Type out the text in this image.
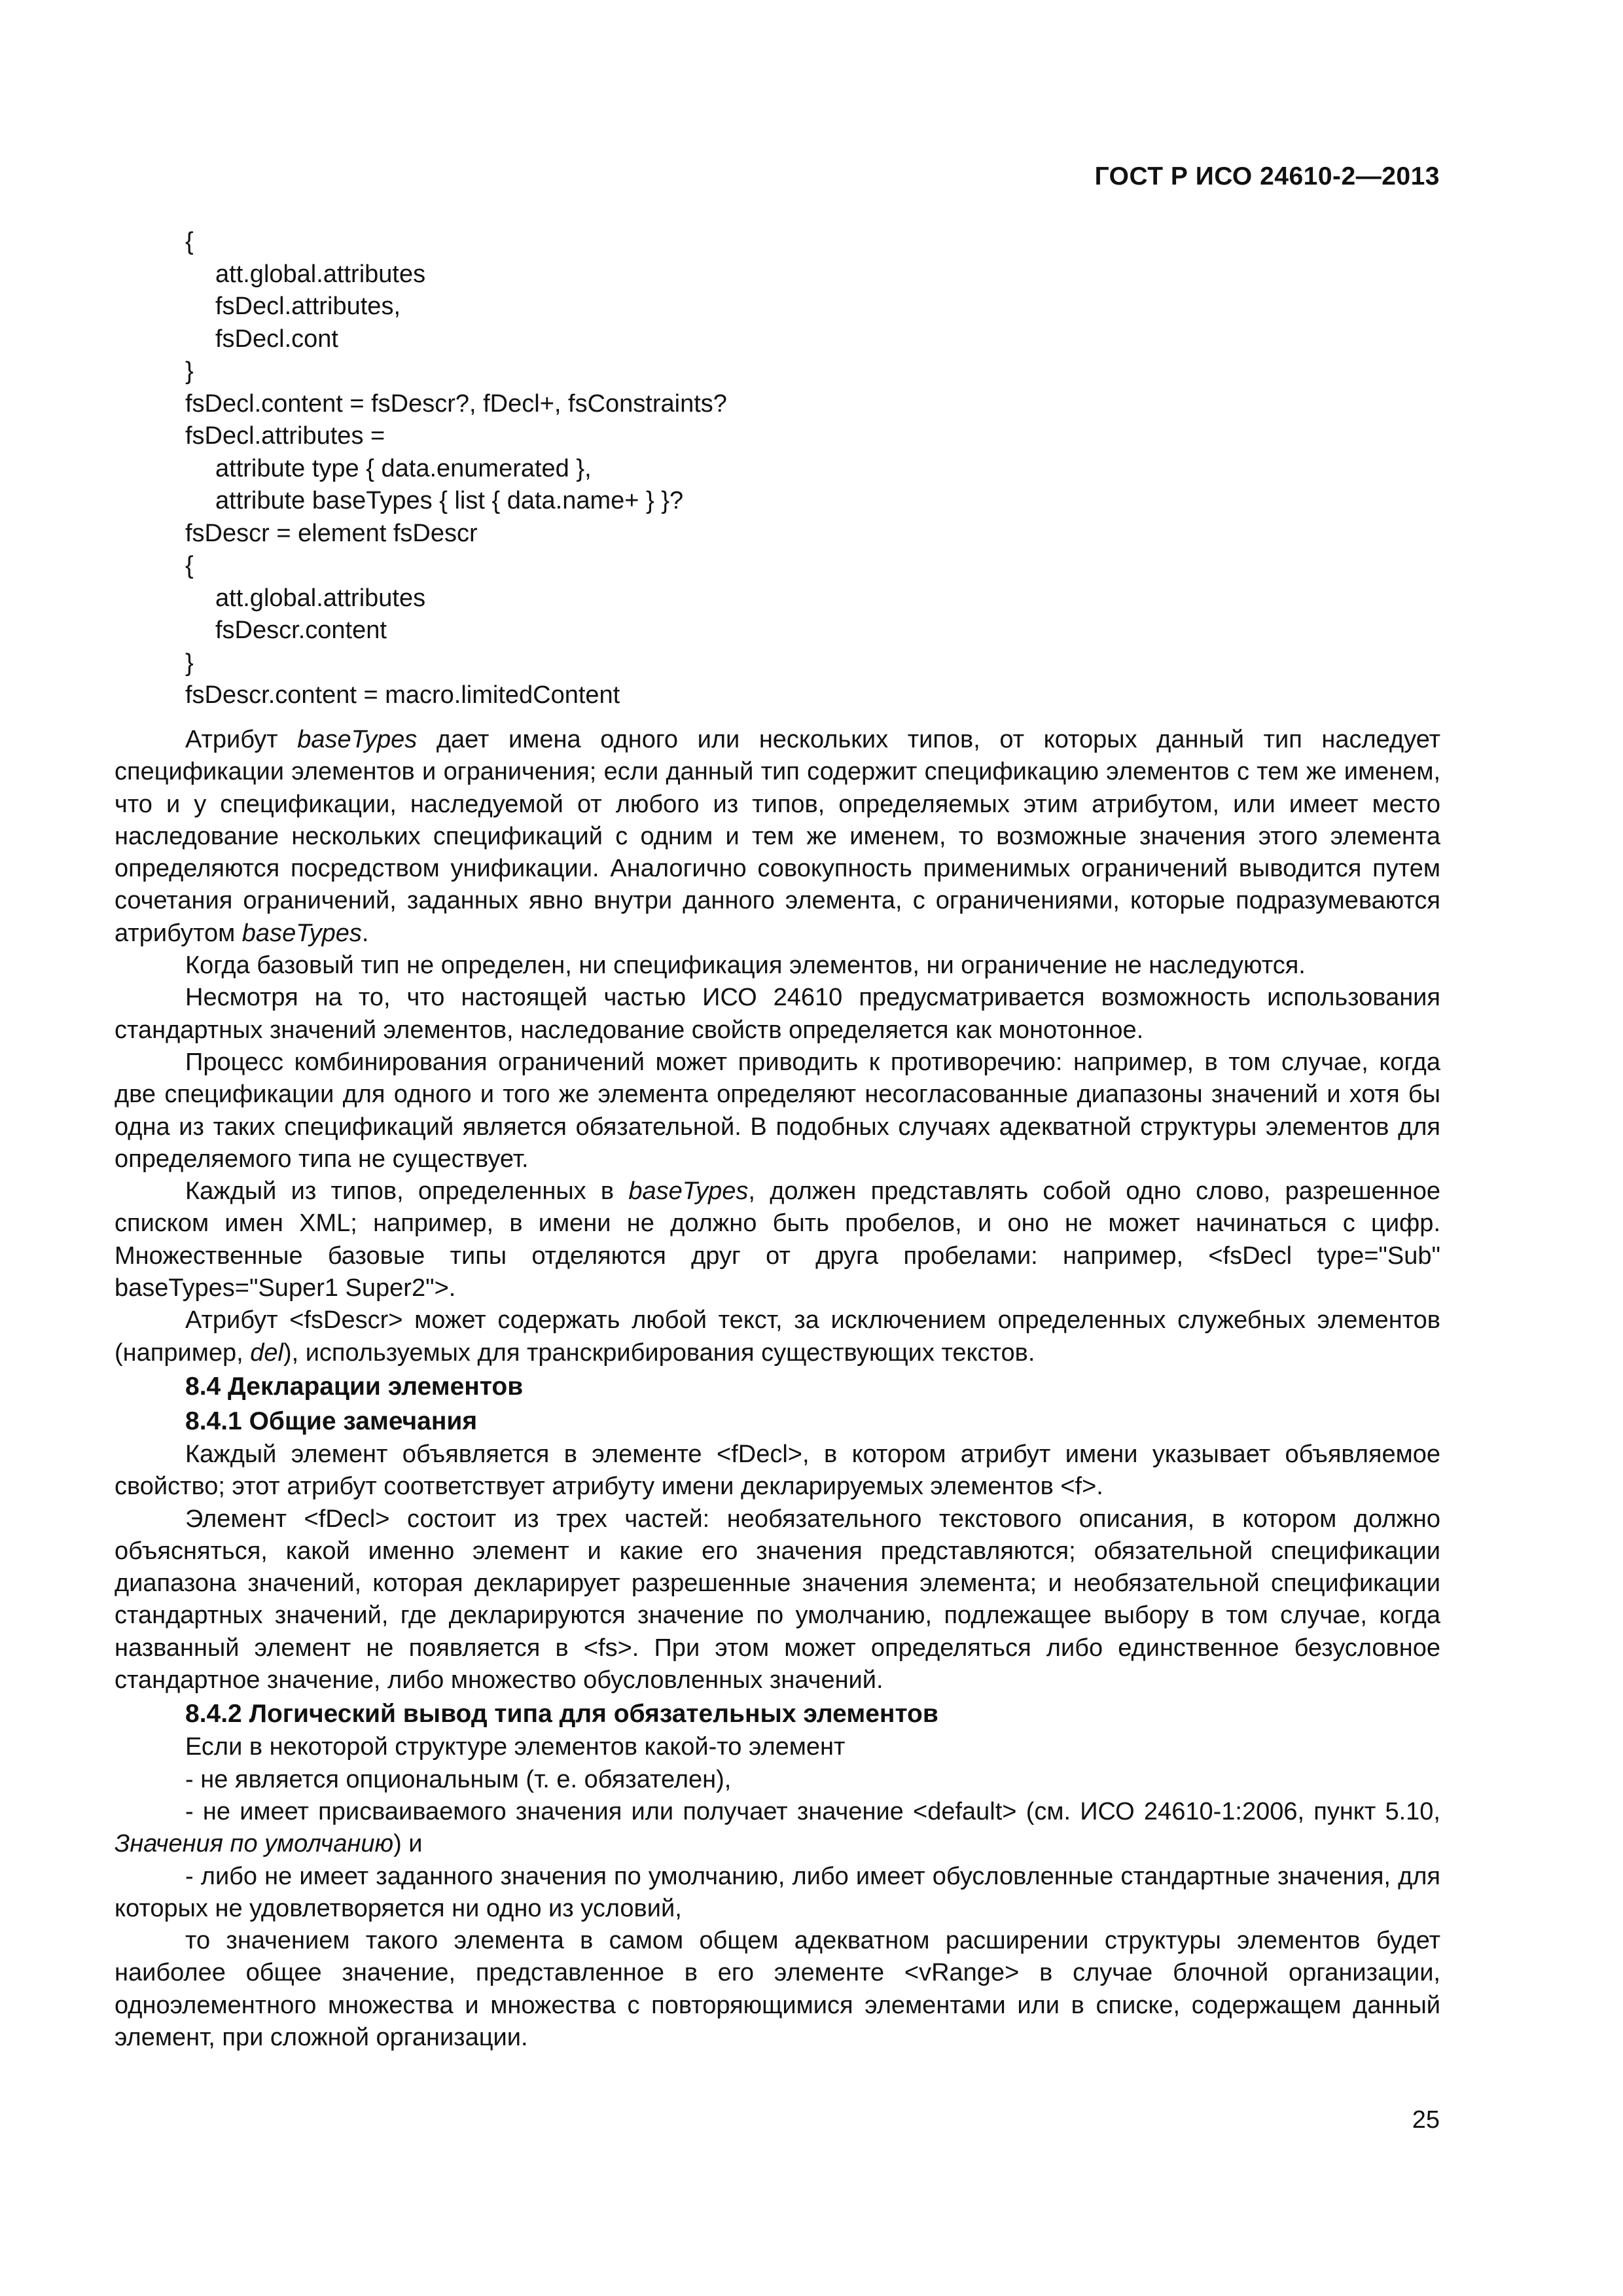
ГОСТ Р ИСО 24610-2—2013
{
att.global.attributes
fsDecl.attributes,
fsDecl.cont
}
fsDecl.content = fsDescr?, fDecl+, fsConstraints?
fsDecl.attributes =
attribute type { data.enumerated },
attribute baseTypes { list { data.name+ } }?
fsDescr = element fsDescr
{
att.global.attributes
fsDescr.content
}
fsDescr.content = macro.limitedContent

Атрибут baseTypes дает имена одного или нескольких типов, от которых данный тип наследует спецификации элементов и ограничения; если данный тип содержит спецификацию элементов с тем же именем, что и у спецификации, наследуемой от любого из типов, определяемых этим атрибутом, или имеет место наследование нескольких спецификаций с одним и тем же именем, то возможные значения этого элемента определяются посредством унификации. Аналогично совокупность применимых ограничений выводится путем сочетания ограничений, заданных явно внутри данного элемента, с ограничениями, которые подразумеваются атрибутом baseTypes.

Когда базовый тип не определен, ни спецификация элементов, ни ограничение не наследуются.

Несмотря на то, что настоящей частью ИСО 24610 предусматривается возможность использования стандартных значений элементов, наследование свойств определяется как монотонное.

Процесс комбинирования ограничений может приводить к противоречию: например, в том случае, когда две спецификации для одного и того же элемента определяют несогласованные диапазоны значений и хотя бы одна из таких спецификаций является обязательной. В подобных случаях адекватной структуры элементов для определяемого типа не существует.

Каждый из типов, определенных в baseTypes, должен представлять собой одно слово, разрешенное списком имен XML; например, в имени не должно быть пробелов, и оно не может начинаться с цифр. Множественные базовые типы отделяются друг от друга пробелами: например, <fsDecl type="Sub" baseTypes="Super1 Super2">.

Атрибут <fsDescr> может содержать любой текст, за исключением определенных служебных элементов (например, del), используемых для транскрибирования существующих текстов.

8.4 Декларации элементов
8.4.1 Общие замечания

Каждый элемент объявляется в элементе <fDecl>, в котором атрибут имени указывает объявляемое свойство; этот атрибут соответствует атрибуту имени декларируемых элементов <f>.

Элемент <fDecl> состоит из трех частей: необязательного текстового описания, в котором должно объясняться, какой именно элемент и какие его значения представляются; обязательной спецификации диапазона значений, которая декларирует разрешенные значения элемента; и необязательной спецификации стандартных значений, где декларируются значение по умолчанию, подлежащее выбору в том случае, когда названный элемент не появляется в <fs>. При этом может определяться либо единственное безусловное стандартное значение, либо множество обусловленных значений.

8.4.2 Логический вывод типа для обязательных элементов

Если в некоторой структуре элементов какой-то элемент

- не является опциональным (т. е. обязателен),

- не имеет присваиваемого значения или получает значение <default> (см. ИСО 24610-1:2006, пункт 5.10, Значения по умолчанию) и

- либо не имеет заданного значения по умолчанию, либо имеет обусловленные стандартные значения, для которых не удовлетворяется ни одно из условий,

то значением такого элемента в самом общем адекватном расширении структуры элементов будет наиболее общее значение, представленное в его элементе <vRange> в случае блочной организации, одноэлементного множества и множества с повторяющимися элементами или в списке, содержащем данный элемент, при сложной организации.

25
